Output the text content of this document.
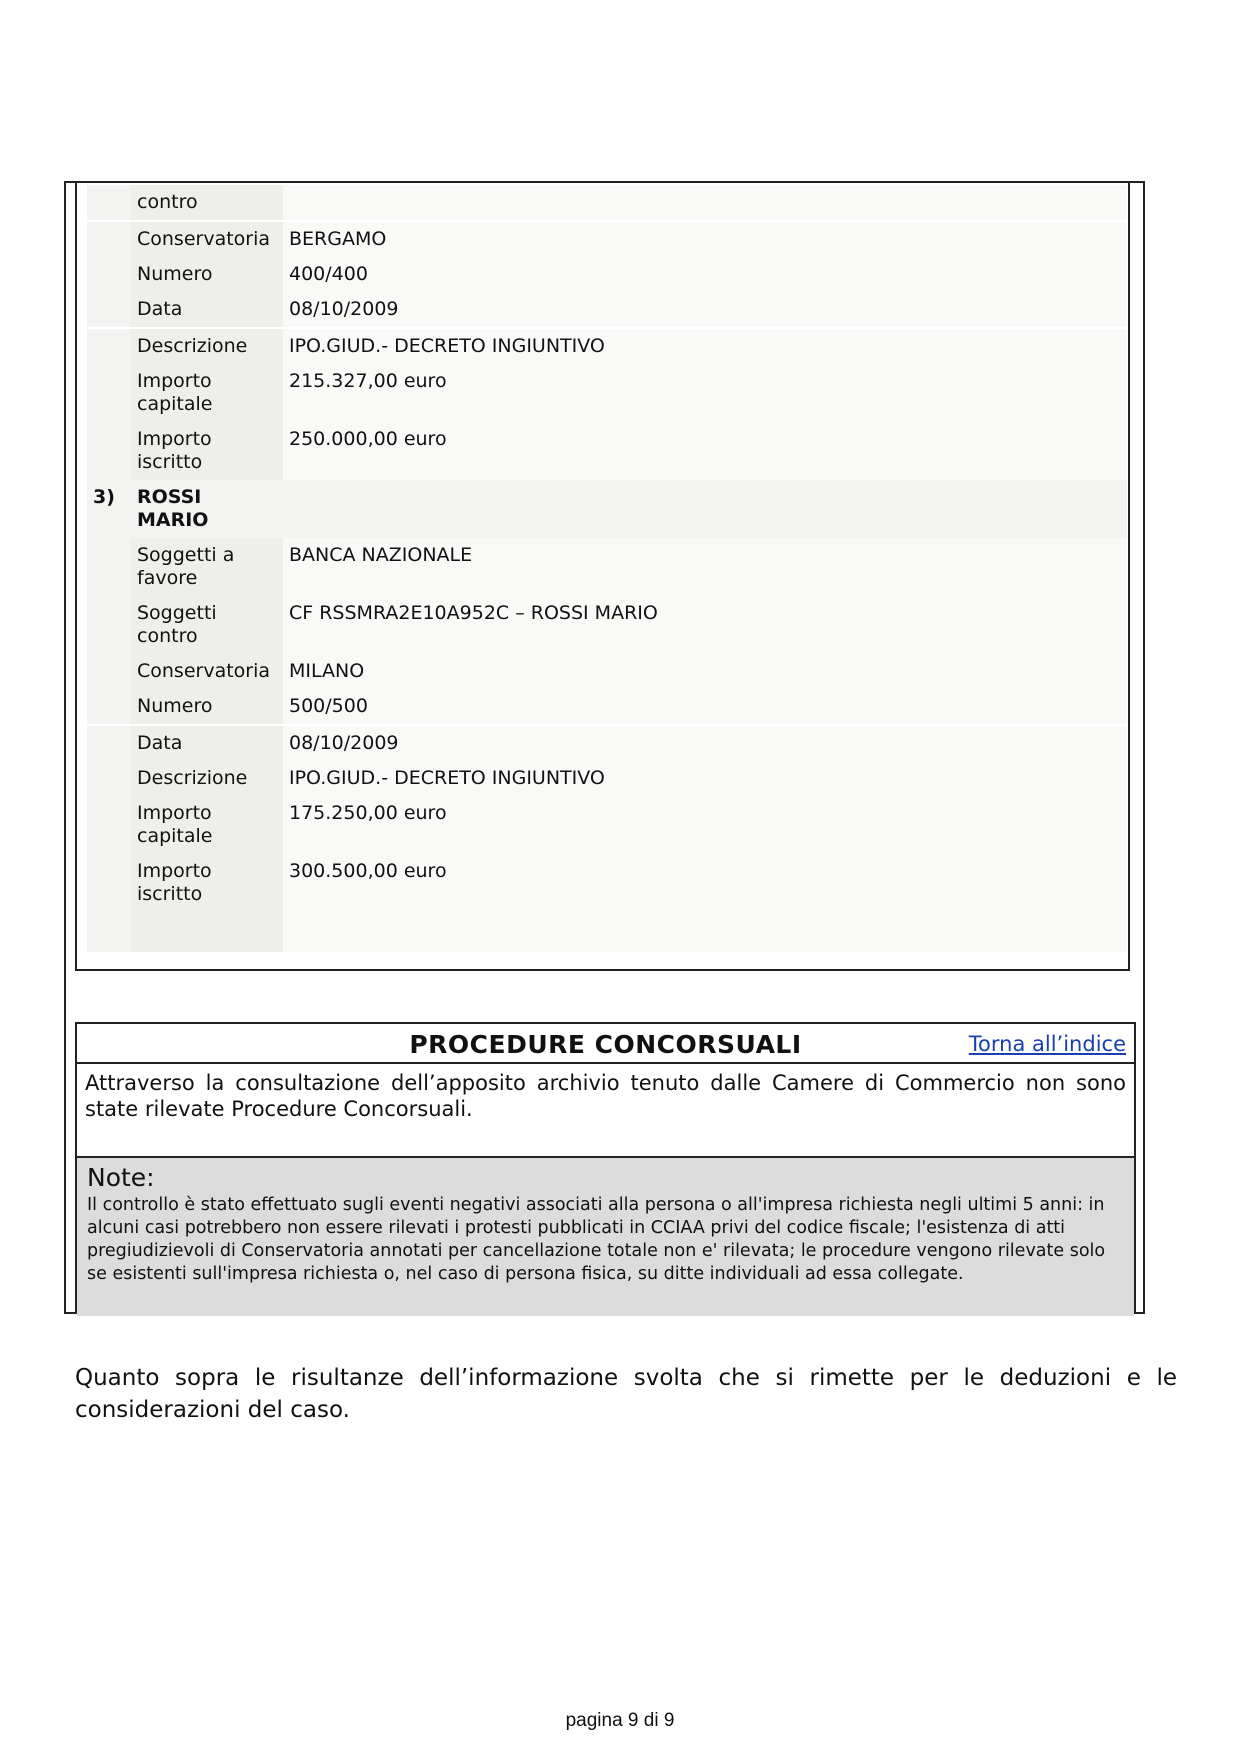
	contro	
	Conservatoria	BERGAMO
	Numero	400/400
	Data	08/10/2009
	Descrizione	IPO.GIUD.- DECRETO INGIUNTIVO
	Importo capitale	215.327,00 euro
	Importo iscritto	250.000,00 euro
3)	ROSSI MARIO	
	Soggetti a favore	BANCA NAZIONALE
	Soggetti contro	CF RSSMRA2E10A952C – ROSSI MARIO
	Conservatoria	MILANO
	Numero	500/500
	Data	08/10/2009
	Descrizione	IPO.GIUD.- DECRETO INGIUNTIVO
	Importo capitale	175.250,00 euro
	Importo iscritto	300.500,00 euro

PROCEDURE CONCORSUALI	Torna all’indice
Attraverso la consultazione dell’apposito archivio tenuto dalle Camere di Commercio non sono state rilevate Procedure Concorsuali.
Note:
Il controllo è stato effettuato sugli eventi negativi associati alla persona o all'impresa richiesta negli ultimi 5 anni: in alcuni casi potrebbero non essere rilevati i protesti pubblicati in CCIAA privi del codice fiscale; l'esistenza di atti pregiudizievoli di Conservatoria annotati per cancellazione totale non e' rilevata; le procedure vengono rilevate solo se esistenti sull'impresa richiesta o, nel caso di persona fisica, su ditte individuali ad essa collegate.
Quanto sopra le risultanze dell’informazione svolta che si rimette per le deduzioni e le considerazioni del caso.
pagina 9 di 9
